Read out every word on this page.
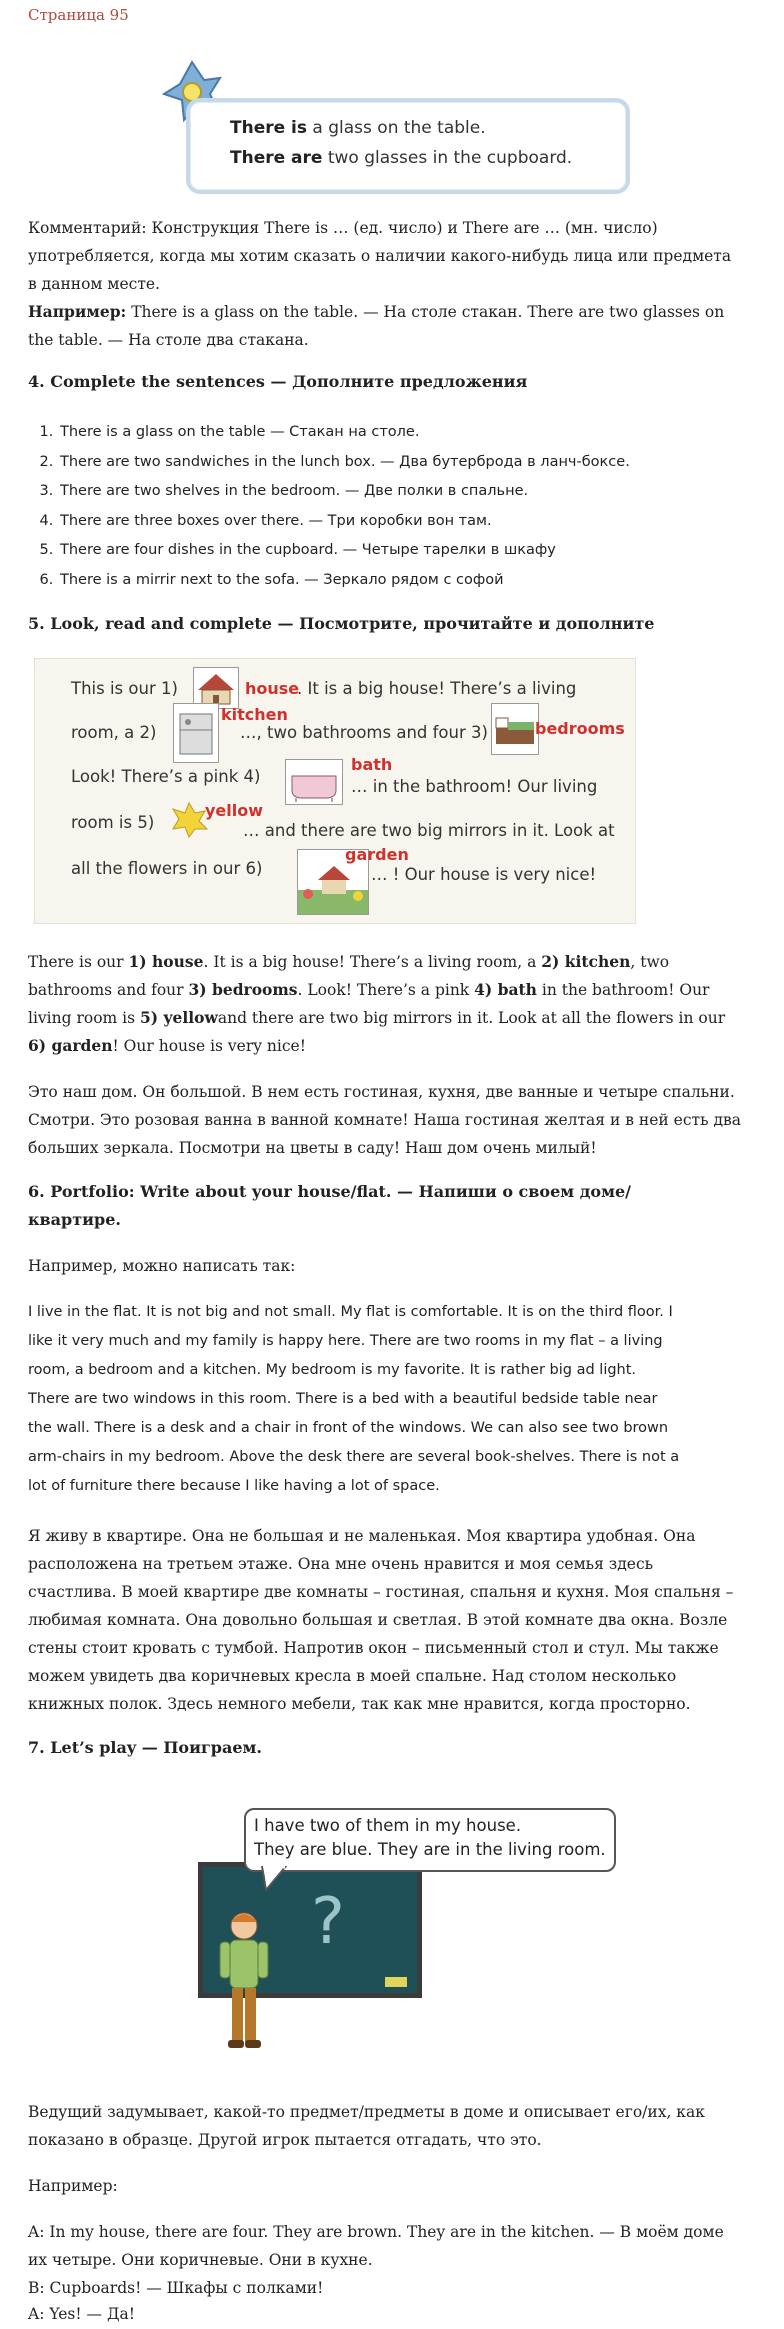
Страница 95
There is a glass on the table.
There are two glasses in the cupboard.
Комментарий: Конструкция There is … (ед. число) и There are … (мн. число)
употребляется, когда мы хотим сказать о наличии какого-нибудь лица или предмета
в данном месте.
Например: There is a glass on the table. — На столе стакан. There are two glasses on
the table. — На столе два стакана.
4. Complete the sentences — Дополните предложения
1. There is a glass on the table — Стакан на столе.
2. There are two sandwiches in the lunch box. — Два бутерброда в ланч-боксе.
3. There are two shelves in the bedroom. — Две полки в спальне.
4. There are three boxes over there. — Три коробки вон там.
5. There are four dishes in the cupboard. — Четыре тарелки в шкафу
6. There is a mirrir next to the sofa. — Зеркало рядом с софой
5. Look, read and complete — Посмотрите, прочитайте и дополните
This is our 1)	house
. It is a big house! There’s a living
room, a 2)
kitchen
…, two bathrooms and four 3)	bedrooms
Look! There’s a pink 4)
bath
… in the bathroom! Our living
room is 5)
yellow
… and there are two big mirrors in it. Look at
all the flowers in our 6)
garden
… ! Our house is very nice!
There is our 1) house. It is a big house! There’s a living room, a 2) kitchen, two
bathrooms and four 3) bedrooms. Look! There’s a pink 4) bath in the bathroom! Our
living room is 5) yellowand there are two big mirrors in it. Look at all the flowers in our
6) garden! Our house is very nice!
Это наш дом. Он большой. В нем есть гостиная, кухня, две ванные и четыре спальни.
Смотри. Это розовая ванна в ванной комнате! Наша гостиная желтая и в ней есть два
больших зеркала. Посмотри на цветы в саду! Наш дом очень милый!
6. Portfolio: Write about your house/flat. — Напиши о своем доме/
квартире.
Например, можно написать так:
I live in the flat. It is not big and not small. My flat is comfortable. It is on the third floor. I
like it very much and my family is happy here. There are two rooms in my flat – a living
room, a bedroom and a kitchen. My bedroom is my favorite. It is rather big ad light.
There are two windows in this room. There is a bed with a beautiful bedside table near
the wall. There is a desk and a chair in front of the windows. We can also see two brown
arm-chairs in my bedroom. Above the desk there are several book-shelves. There is not a
lot of furniture there because I like having a lot of space.
Я живу в квартире. Она не большая и не маленькая. Моя квартира удобная. Она
расположена на третьем этаже. Она мне очень нравится и моя семья здесь
счастлива. В моей квартире две комнаты – гостиная, спальня и кухня. Моя спальня –
любимая комната. Она довольно большая и светлая. В этой комнате два окна. Возле
стены стоит кровать с тумбой. Напротив окон – письменный стол и стул. Мы также
можем увидеть два коричневых кресла в моей спальне. Над столом несколько
книжных полок. Здесь немного мебели, так как мне нравится, когда просторно.
7. Let’s play — Поиграем.
?
I have two of them in my house.
They are blue. They are in the living room.
Ведущий задумывает, какой-то предмет/предметы в доме и описывает его/их, как
показано в образце. Другой игрок пытается отгадать, что это.
Например:
A: In my house, there are four. They are brown. They are in the kitchen. — В моём доме
их четыре. Они коричневые. Они в кухне.
B: Cupboards! — Шкафы с полками!
A: Yes! — Да!
